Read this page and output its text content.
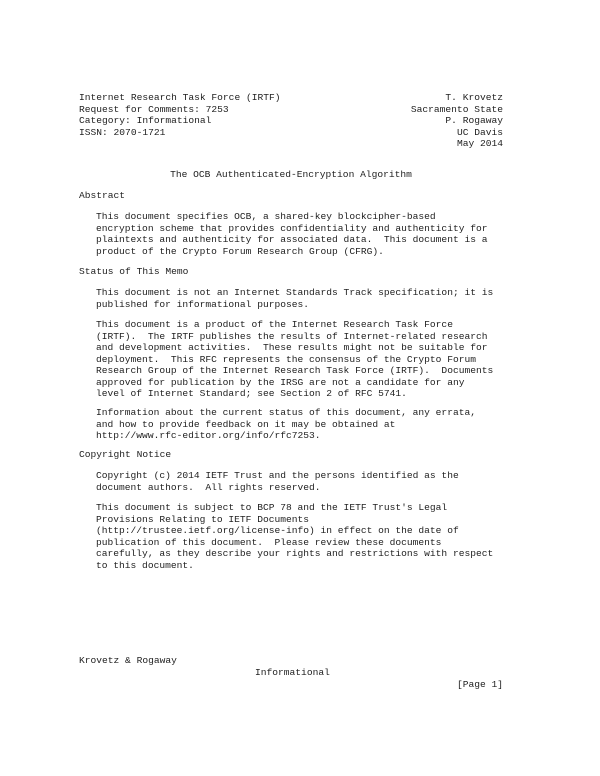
Internet Research Task Force (IRTF)	T. Krovetz
Request for Comments: 7253	Sacramento State
Category: Informational	P. Rogaway
ISSN: 2070-1721	UC Davis
May 2014
The OCB Authenticated-Encryption Algorithm
Abstract
This document specifies OCB, a shared-key blockcipher-based
encryption scheme that provides confidentiality and authenticity for
plaintexts and authenticity for associated data.  This document is a
product of the Crypto Forum Research Group (CFRG).
Status of This Memo
This document is not an Internet Standards Track specification; it is
published for informational purposes.
This document is a product of the Internet Research Task Force
(IRTF).  The IRTF publishes the results of Internet-related research
and development activities.  These results might not be suitable for
deployment.  This RFC represents the consensus of the Crypto Forum
Research Group of the Internet Research Task Force (IRTF).  Documents
approved for publication by the IRSG are not a candidate for any
level of Internet Standard; see Section 2 of RFC 5741.
Information about the current status of this document, any errata,
and how to provide feedback on it may be obtained at
http://www.rfc-editor.org/info/rfc7253.
Copyright Notice
Copyright (c) 2014 IETF Trust and the persons identified as the
document authors.  All rights reserved.
This document is subject to BCP 78 and the IETF Trust's Legal
Provisions Relating to IETF Documents
(http://trustee.ietf.org/license-info) in effect on the date of
publication of this document.  Please review these documents
carefully, as they describe your rights and restrictions with respect
to this document.

Krovetz & Rogaway

Informational

[Page 1]
